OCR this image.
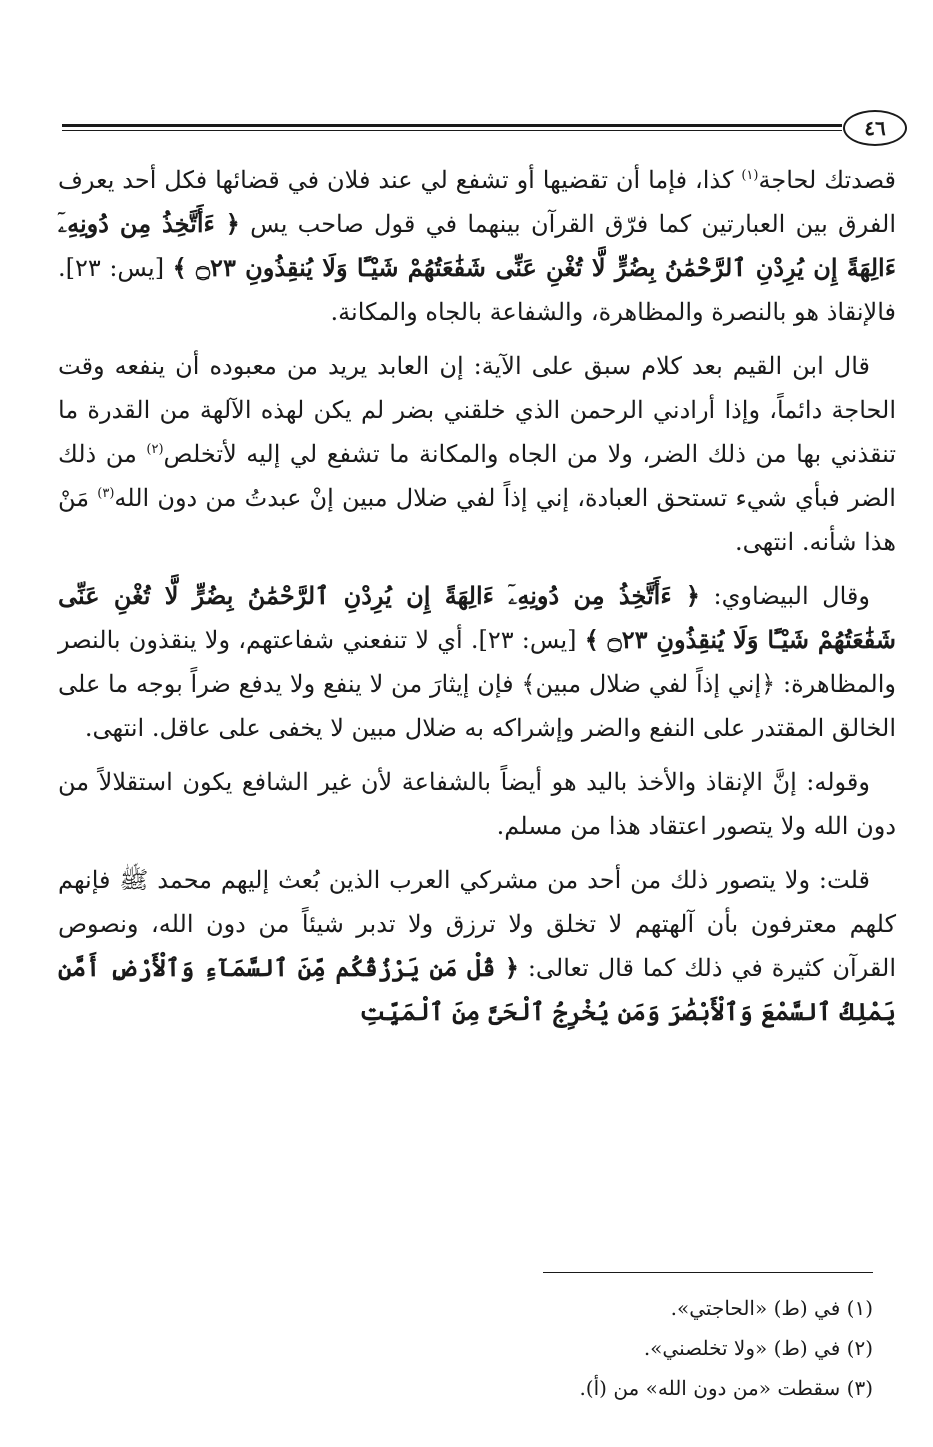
٤٦

قصدتك لحاجة$^{(١)}$ كذا، فإما أن تقضيها أو تشفع لي عند فلان في قضائها فكل أحد يعرف الفرق بين العبارتين كما فرّق القرآن بينهما في قول صاحب يس ﴿ ءَأَتَّخِذُ مِن دُونِهِۦٓ ءَالِهَةً إِن يُرِدْنِ ٱلرَّحْمَٰنُ بِضُرٍّ لَّا تُغْنِ عَنِّى شَفَٰعَتُهُمْ شَيْـًٔا وَلَا يُنقِذُونِ ۝٢٣ ﴾ [يس: ٢٣]. فالإنقاذ هو بالنصرة والمظاهرة، والشفاعة بالجاه والمكانة.

قال ابن القيم بعد كلام سبق على الآية: إن العابد يريد من معبوده أن ينفعه وقت الحاجة دائماً، وإذا أرادني الرحمن الذي خلقني بضر لم يكن لهذه الآلهة من القدرة ما تنقذني بها من ذلك الضر، ولا من الجاه والمكانة ما تشفع لي إليه لأتخلص$^{(٢)}$ من ذلك الضر فبأي شيء تستحق العبادة، إني إذاً لفي ضلال مبين إنْ عبدتُ من دون الله$^{(٣)}$ مَنْ هذا شأنه. انتهى.

وقال البيضاوي: ﴿ ءَأَتَّخِذُ مِن دُونِهِۦٓ ءَالِهَةً إِن يُرِدْنِ ٱلرَّحْمَٰنُ بِضُرٍّ لَّا تُغْنِ عَنِّى شَفَٰعَتُهُمْ شَيْـًٔا وَلَا يُنقِذُونِ ۝٢٣ ﴾ [يس: ٢٣]. أي لا تنفعني شفاعتهم، ولا ينقذون بالنصر والمظاهرة: ﴿إني إذاً لفي ضلال مبين﴾ فإن إيثارَ من لا ينفع ولا يدفع ضراً بوجه ما على الخالق المقتدر على النفع والضر وإشراكه به ضلال مبين لا يخفى على عاقل. انتهى.

وقوله: إنَّ الإنقاذ والأخذ باليد هو أيضاً بالشفاعة لأن غير الشافع يكون استقلالاً من دون الله ولا يتصور اعتقاد هذا من مسلم.

قلت: ولا يتصور ذلك من أحد من مشركي العرب الذين بُعث إليهم محمد ﷺ فإنهم كلهم معترفون بأن آلهتهم لا تخلق ولا ترزق ولا تدبر شيئاً من دون الله، ونصوص القرآن كثيرة في ذلك كما قال تعالى: ﴿ قُلْ مَن يَرْزُقُكُم مِّنَ ٱلسَّمَآءِ وَٱلْأَرْضِ أَمَّن يَمْلِكُ ٱلسَّمْعَ وَٱلْأَبْصَٰرَ وَمَن يُخْرِجُ ٱلْحَىَّ مِنَ ٱلْمَيِّتِ

(١) في (ط) «الحاجتي».
(٢) في (ط) «ولا تخلصني».
(٣) سقطت «من دون الله» من (أ).
